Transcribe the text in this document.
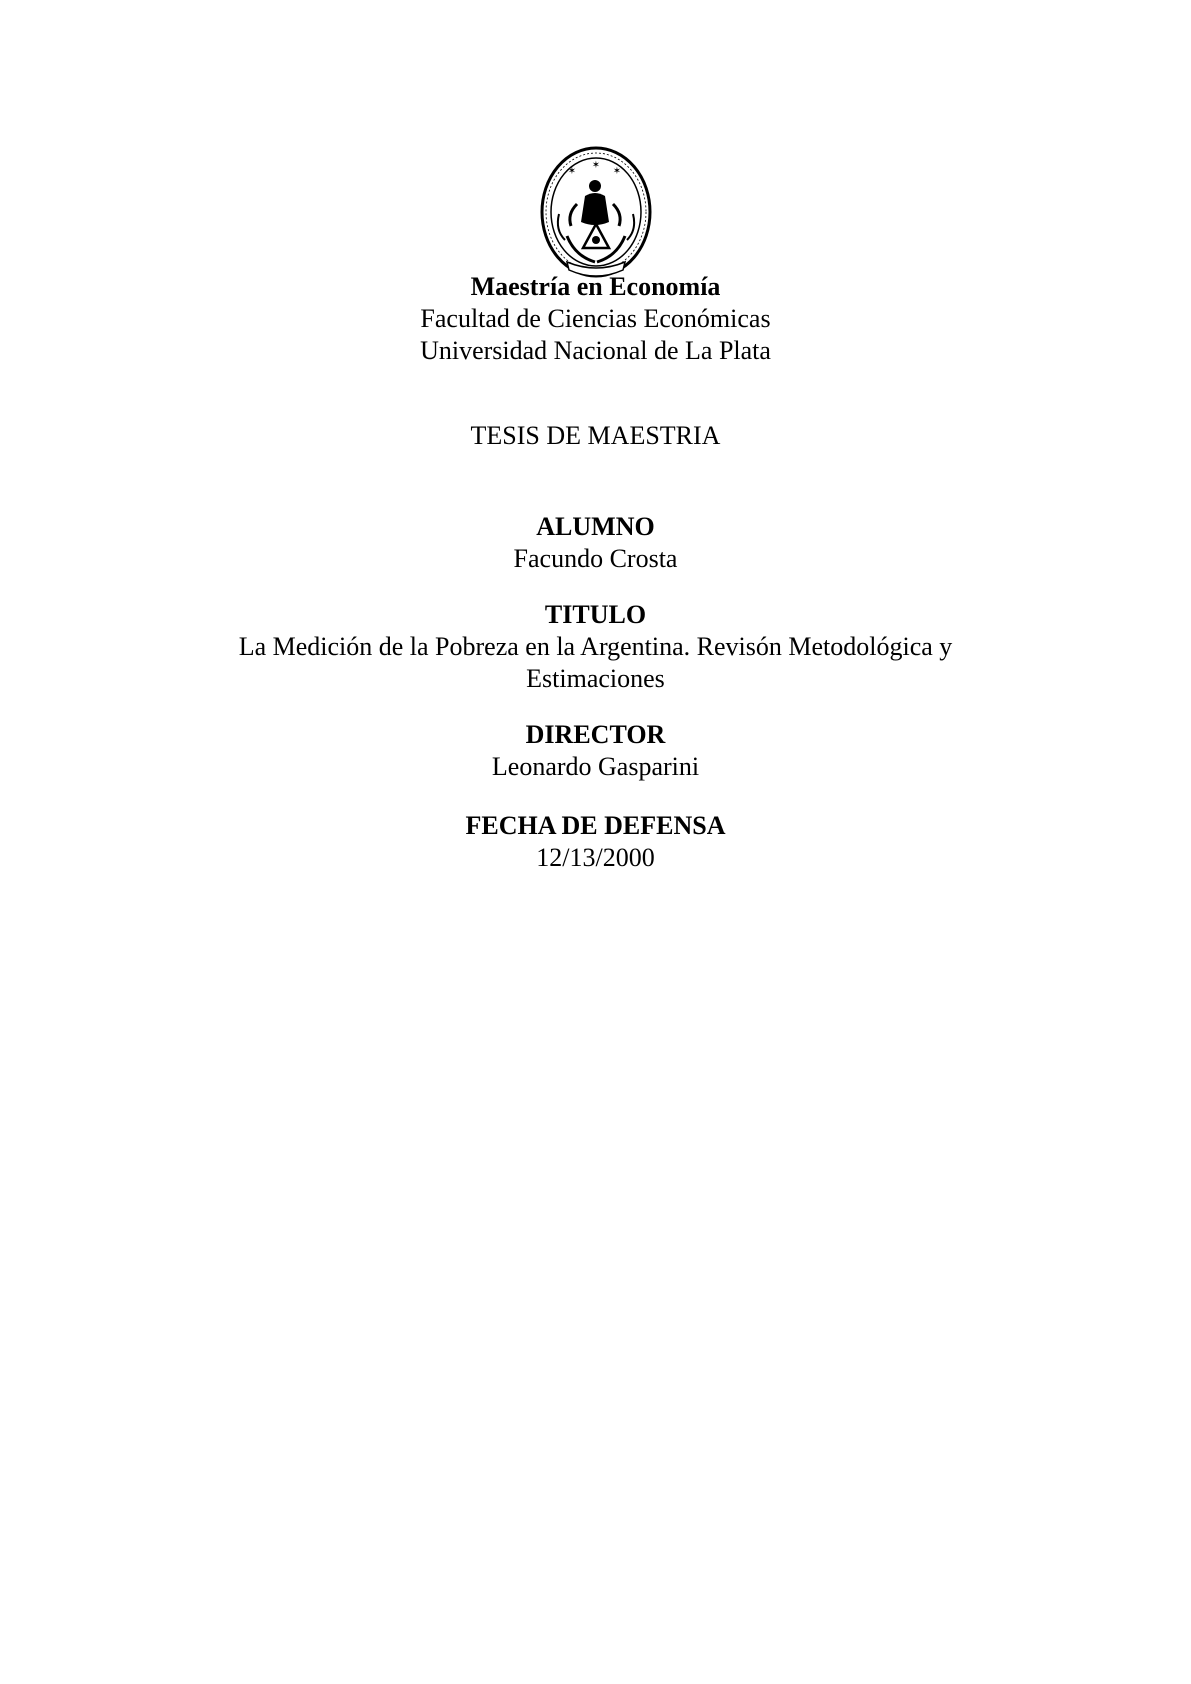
✶
✶
✶
Maestría en Economía
Facultad de Ciencias Económicas
Universidad Nacional de La Plata
TESIS DE MAESTRIA
ALUMNO
Facundo Crosta
TITULO
La Medición de la Pobreza en la Argentina. Revisón Metodológica y
Estimaciones
DIRECTOR
Leonardo Gasparini
FECHA DE DEFENSA
12/13/2000
